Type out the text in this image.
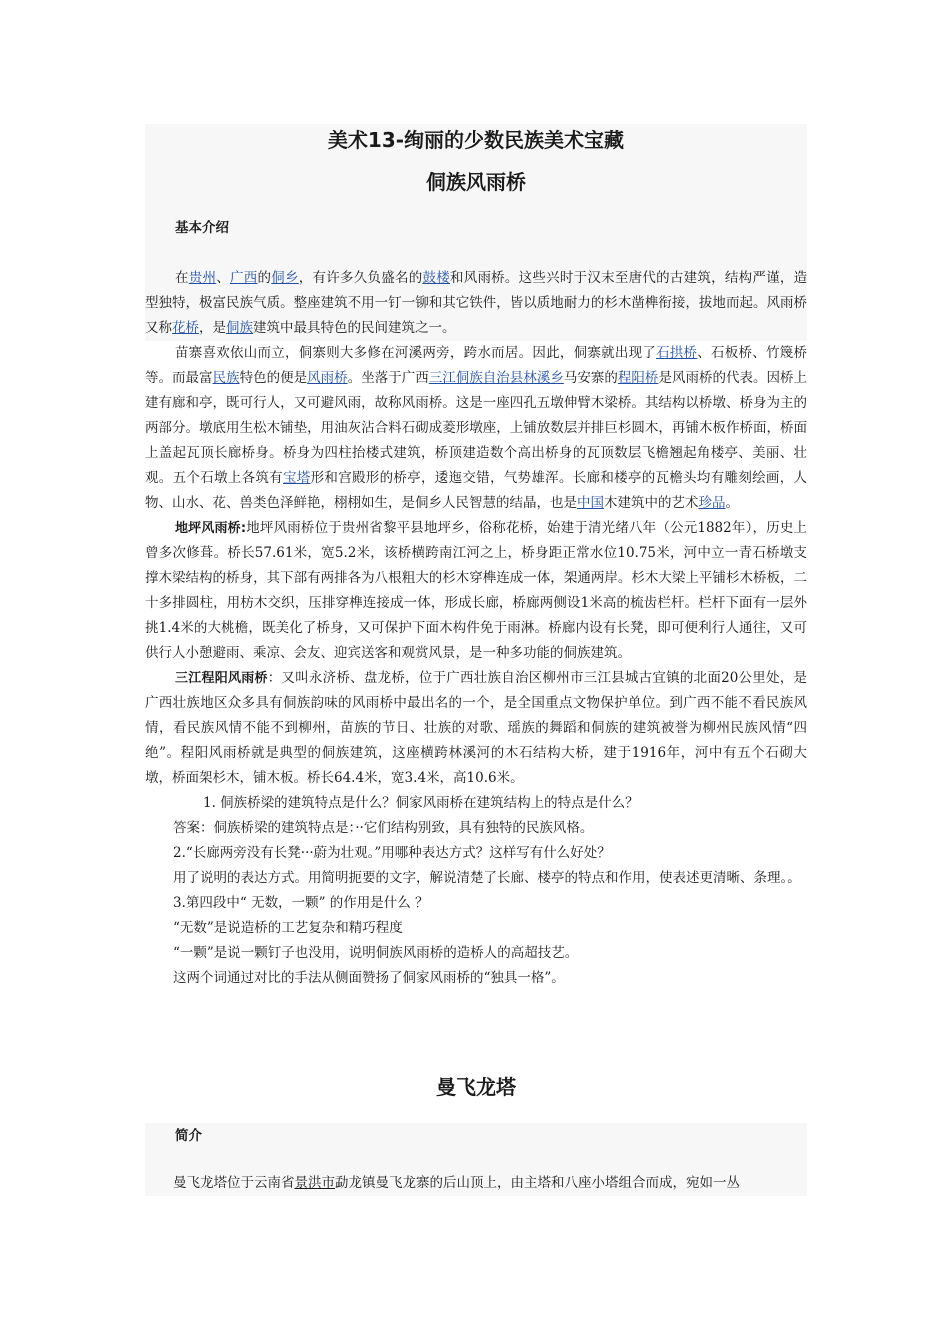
美术13-绚丽的少数民族美术宝藏
侗族风雨桥
基本介绍

在贵州、广西的侗乡，有许多久负盛名的鼓楼和风雨桥。这些兴时于汉末至唐代的古建筑，结构严谨，造型独特，极富民族气质。整座建筑不用一钉一铆和其它铁件，皆以质地耐力的杉木凿榫衔接，拔地而起。风雨桥又称花桥，是侗族建筑中最具特色的民间建筑之一。

苗寨喜欢依山而立，侗寨则大多修在河溪两旁，跨水而居。因此，侗寨就出现了石拱桥、石板桥、竹篾桥等。而最富民族特色的便是风雨桥。坐落于广西三江侗族自治县林溪乡马安寨的程阳桥是风雨桥的代表。因桥上建有廊和亭，既可行人，又可避风雨，故称风雨桥。这是一座四孔五墩伸臂木梁桥。其结构以桥墩、桥身为主的两部分。墩底用生松木铺垫，用油灰沾合料石砌成菱形墩座，上铺放数层并排巨杉圆木，再铺木板作桥面，桥面上盖起瓦顶长廊桥身。桥身为四柱抬楼式建筑，桥顶建造数个高出桥身的瓦顶数层飞檐翘起角楼亭、美丽、壮观。五个石墩上各筑有宝塔形和宫殿形的桥亭，逶迤交错，气势雄浑。长廊和楼亭的瓦檐头均有雕刻绘画，人物、山水、花、兽类色泽鲜艳，栩栩如生，是侗乡人民智慧的结晶，也是中国木建筑中的艺术珍品。

地坪风雨桥:地坪风雨桥位于贵州省黎平县地坪乡，俗称花桥，始建于清光绪八年（公元1882年），历史上曾多次修葺。桥长57.61米，宽5.2米，该桥横跨南江河之上，桥身距正常水位10.75米，河中立一青石桥墩支撑木梁结构的桥身，其下部有两排各为八根粗大的杉木穿榫连成一体，架通两岸。杉木大梁上平铺杉木桥板，二十多排圆柱，用枋木交织，压排穿榫连接成一体，形成长廊，桥廊两侧设1米高的梳齿栏杆。栏杆下面有一层外挑1.4米的大桃檐，既美化了桥身，又可保护下面木构件免于雨淋。桥廊内设有长凳，即可便利行人通往，又可供行人小憩避雨、乘凉、会友、迎宾送客和观赏风景，是一种多功能的侗族建筑。

三江程阳风雨桥：又叫永济桥、盘龙桥，位于广西壮族自治区柳州市三江县城古宜镇的北面20公里处，是广西壮族地区众多具有侗族韵味的风雨桥中最出名的一个，是全国重点文物保护单位。到广西不能不看民族风情，看民族风情不能不到柳州，苗族的节日、壮族的对歌、瑶族的舞蹈和侗族的建筑被誉为柳州民族风情“四绝”。程阳风雨桥就是典型的侗族建筑，这座横跨林溪河的木石结构大桥，建于1916年，河中有五个石砌大墩，桥面架杉木，铺木板。桥长64.4米，宽3.4米，高10.6米。

1. 侗族桥梁的建筑特点是什么？侗家风雨桥在建筑结构上的特点是什么？

答案：侗族桥梁的建筑特点是：··它们结构别致，具有独特的民族风格。

2.“长廊两旁没有长凳···蔚为壮观。”用哪种表达方式？这样写有什么好处？

用了说明的表达方式。用简明扼要的文字，解说清楚了长廊、楼亭的特点和作用，使表述更清晰、条理。。

3.第四段中“ 无数，一颗” 的作用是什么 ？

“无数”是说造桥的工艺复杂和精巧程度

“一颗”是说一颗钉子也没用，说明侗族风雨桥的造桥人的高超技艺。

这两个词通过对比的手法从侧面赞扬了侗家风雨桥的“独具一格”。

曼飞龙塔
简介

曼飞龙塔位于云南省景洪市勐龙镇曼飞龙寨的后山顶上，由主塔和八座小塔组合而成，宛如一丛
